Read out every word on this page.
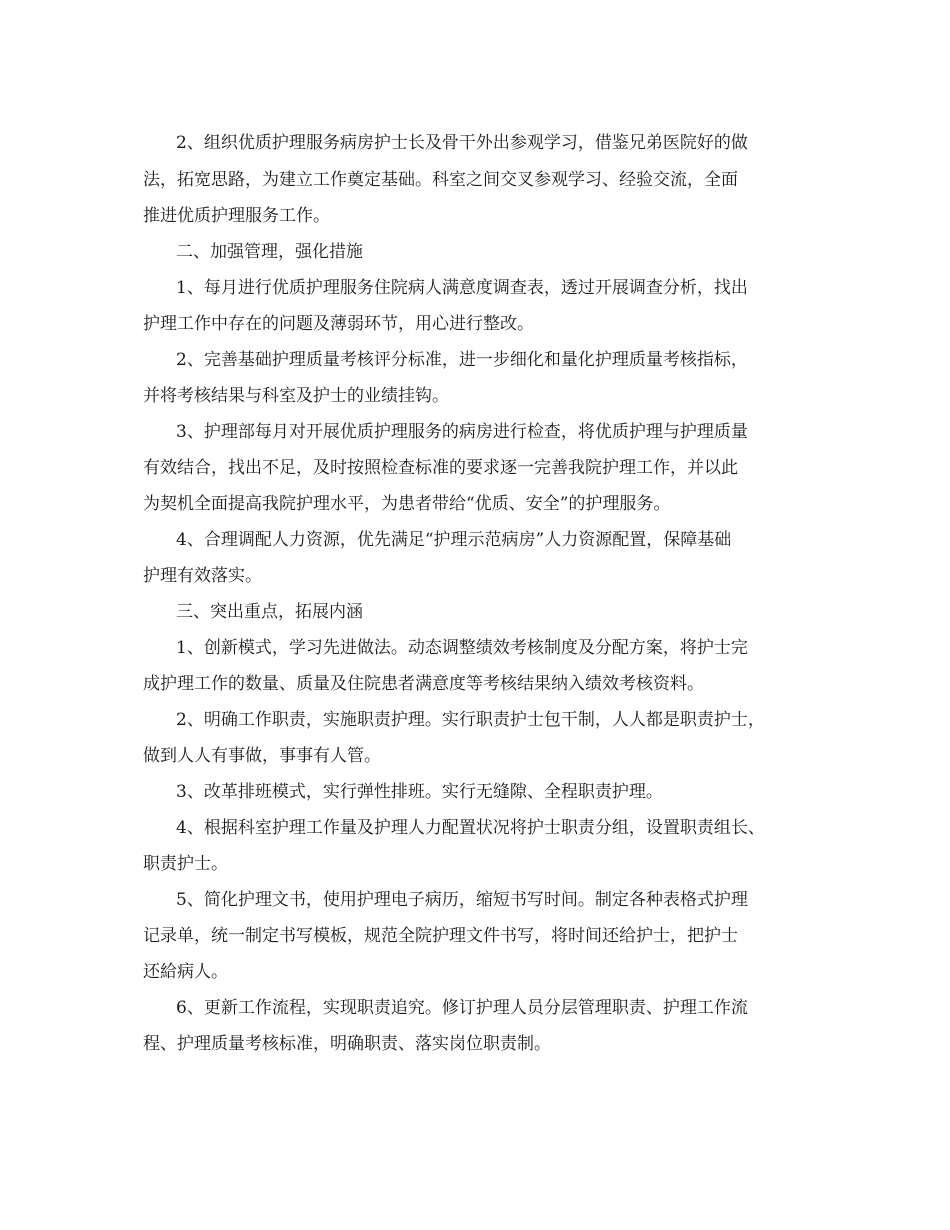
2、组织优质护理服务病房护士长及骨干外出参观学习，借鉴兄弟医院好的做

法，拓宽思路，为建立工作奠定基础。科室之间交叉参观学习、经验交流，全面

推进优质护理服务工作。

二、加强管理，强化措施

1、每月进行优质护理服务住院病人满意度调查表，透过开展调查分析，找出

护理工作中存在的问题及薄弱环节，用心进行整改。

2、完善基础护理质量考核评分标准，进一步细化和量化护理质量考核指标，

并将考核结果与科室及护士的业绩挂钩。

3、护理部每月对开展优质护理服务的病房进行检查，将优质护理与护理质量

有效结合，找出不足，及时按照检查标准的要求逐一完善我院护理工作，并以此

为契机全面提高我院护理水平，为患者带给“优质、安全”的护理服务。

4、合理调配人力资源，优先满足“护理示范病房”人力资源配置，保障基础

护理有效落实。

三、突出重点，拓展内涵

1、创新模式，学习先进做法。动态调整绩效考核制度及分配方案，将护士完

成护理工作的数量、质量及住院患者满意度等考核结果纳入绩效考核资料。

2、明确工作职责，实施职责护理。实行职责护士包干制，人人都是职责护士，

做到人人有事做，事事有人管。

3、改革排班模式，实行弹性排班。实行无缝隙、全程职责护理。

4、根据科室护理工作量及护理人力配置状况将护士职责分组，设置职责组长、

职责护士。

5、简化护理文书，使用护理电子病历，缩短书写时间。制定各种表格式护理

记录单，统一制定书写模板，规范全院护理文件书写，将时间还给护士，把护士

还給病人。

6、更新工作流程，实现职责追究。修订护理人员分层管理职责、护理工作流

程、护理质量考核标准，明确职责、落实岗位职责制。
